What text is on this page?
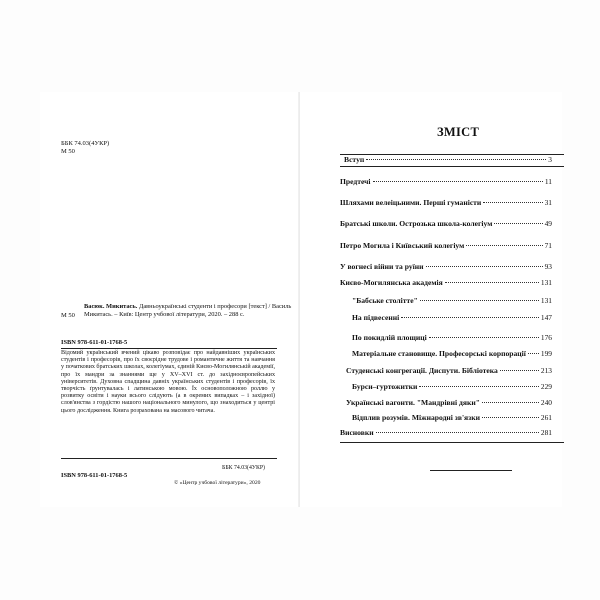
ББК 74.03(4УКР)
М 50
М 50
Васюк. Микитась. Давньоукраїнські студенти і професори [текст] / Василь Микитась. – Київ: Центр учбової літератури, 2020. – 288 с.
ISBN 978-611-01-1768-5
Відомий український вчений цікаво розповідає про найдавніших українських студентів і професорів, про їх своєрідне трудове і романтичне життя та навчання у початкових братських школах, колегіумах, єдиній Києво-Могилянській академії, про їх мандри за знаннями ще у XV–XVI ст. до західноєвропейських університетів. Духовна спадщина давніх українських студентів і професорів, їх творчість ґрунтувалась і латинською мовою. Їх основоположною роллю у розвитку освіти і науки всього слідують (а в окремих випадках – і західної) слов'янства з гордістю нашого національного минулого, що знаходиться у центрі цього дослідження. Книга розрахована на масового читача.
ББК 74.03(4УКР)
ISBN 978-611-01-1768-5
© «Центр учбової літератури», 2020
ЗМІСТ
Вступ	3
Предтечі	11
Шляхами велеіцьними. Перші гуманісти	31
Братські школи. Острозька школа-колегіум	49
Петро Могила і Київський колегіум	71
У вогнесі війни та руїни	93
Києво-Могилянська академія	131
"Бабське столітте"	131
На підвесенні	147
По покидлій площиці	176
Матеріальне становище. Професорські корпорації 199
Студенські конгрегації. Диспути. Бібліотека	213
Бурси–гуртожитки	229
Українські вагонти. "Мандрівні дяки"	240
Відплив розумів. Міжнародні зв'язки	261
Висновки	281
